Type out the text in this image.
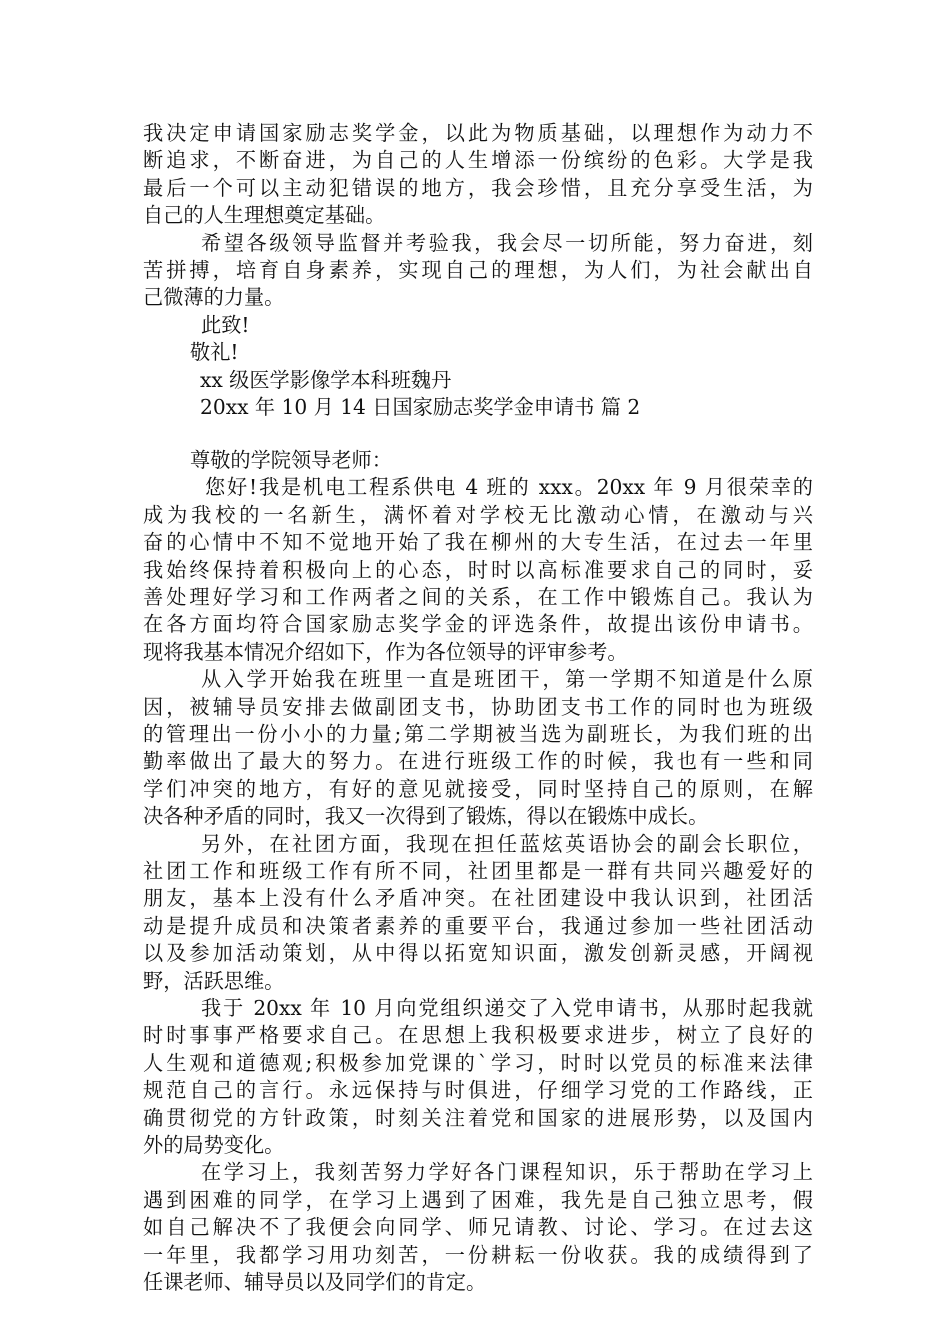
我决定申请国家励志奖学金，以此为物质基础，以理想作为动力不
断追求，不断奋进，为自己的人生增添一份缤纷的色彩。大学是我
最后一个可以主动犯错误的地方，我会珍惜，且充分享受生活，为
自己的人生理想奠定基础。
希望各级领导监督并考验我，我会尽一切所能，努力奋进，刻
苦拼搏，培育自身素养，实现自己的理想，为人们，为社会献出自
己微薄的力量。
此致!
敬礼!
xx 级医学影像学本科班魏丹
20xx 年 10 月 14 日国家励志奖学金申请书 篇 2
尊敬的学院领导老师：
您好!我是机电工程系供电 4 班的 xxx。20xx 年 9 月很荣幸的
成为我校的一名新生，满怀着对学校无比激动心情，在激动与兴
奋的心情中不知不觉地开始了我在柳州的大专生活，在过去一年里
我始终保持着积极向上的心态，时时以高标准要求自己的同时，妥
善处理好学习和工作两者之间的关系，在工作中锻炼自己。我认为
在各方面均符合国家励志奖学金的评选条件，故提出该份申请书。
现将我基本情况介绍如下，作为各位领导的评审参考。
从入学开始我在班里一直是班团干，第一学期不知道是什么原
因，被辅导员安排去做副团支书，协助团支书工作的同时也为班级
的管理出一份小小的力量;第二学期被当选为副班长，为我们班的出
勤率做出了最大的努力。在进行班级工作的时候，我也有一些和同
学们冲突的地方，有好的意见就接受，同时坚持自己的原则，在解
决各种矛盾的同时，我又一次得到了锻炼，得以在锻炼中成长。
另外，在社团方面，我现在担任蓝炫英语协会的副会长职位，
社团工作和班级工作有所不同，社团里都是一群有共同兴趣爱好的
朋友，基本上没有什么矛盾冲突。在社团建设中我认识到，社团活
动是提升成员和决策者素养的重要平台，我通过参加一些社团活动
以及参加活动策划，从中得以拓宽知识面，激发创新灵感，开阔视
野，活跃思维。
我于 20xx 年 10 月向党组织递交了入党申请书，从那时起我就
时时事事严格要求自己。在思想上我积极要求进步，树立了良好的
人生观和道德观;积极参加党课的`学习，时时以党员的标准来法律
规范自己的言行。永远保持与时俱进，仔细学习党的工作路线，正
确贯彻党的方针政策，时刻关注着党和国家的进展形势，以及国内
外的局势变化。
在学习上，我刻苦努力学好各门课程知识，乐于帮助在学习上
遇到困难的同学，在学习上遇到了困难，我先是自己独立思考，假
如自己解决不了我便会向同学、师兄请教、讨论、学习。在过去这
一年里，我都学习用功刻苦，一份耕耘一份收获。我的成绩得到了
任课老师、辅导员以及同学们的肯定。
